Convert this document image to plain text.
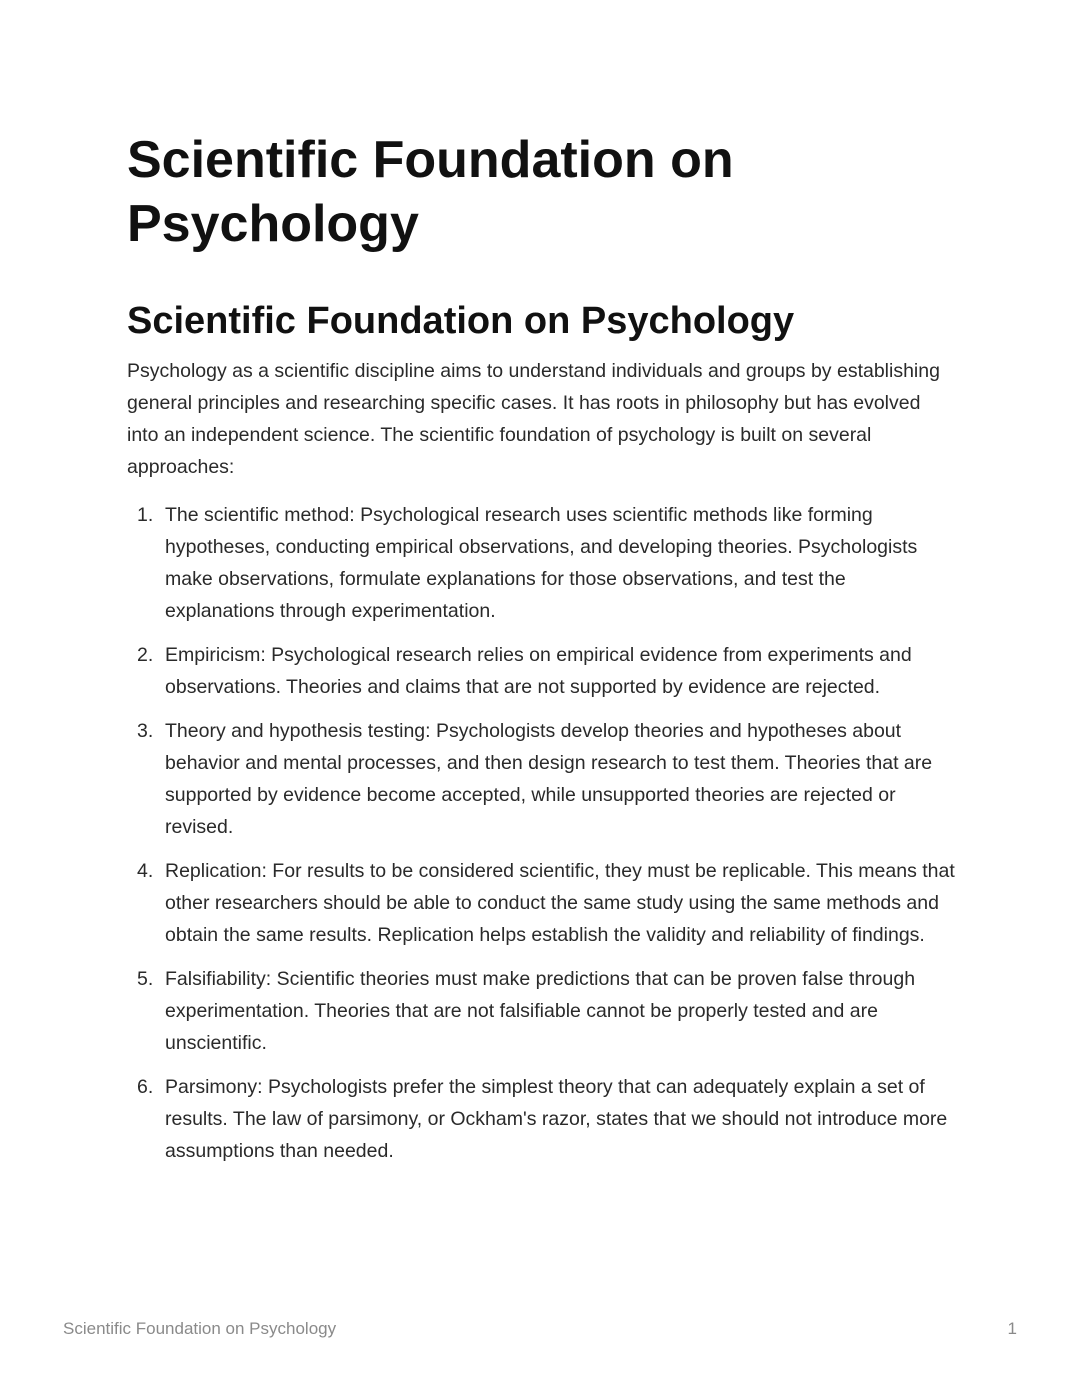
Scientific Foundation on Psychology
Scientific Foundation on Psychology

Psychology as a scientific discipline aims to understand individuals and groups by establishing general principles and researching specific cases. It has roots in philosophy but has evolved into an independent science. The scientific foundation of psychology is built on several approaches:

1. The scientific method: Psychological research uses scientific methods like forming hypotheses, conducting empirical observations, and developing theories. Psychologists make observations, formulate explanations for those observations, and test the explanations through experimentation.
2. Empiricism: Psychological research relies on empirical evidence from experiments and observations. Theories and claims that are not supported by evidence are rejected.
3. Theory and hypothesis testing: Psychologists develop theories and hypotheses about behavior and mental processes, and then design research to test them. Theories that are supported by evidence become accepted, while unsupported theories are rejected or revised.
4. Replication: For results to be considered scientific, they must be replicable. This means that other researchers should be able to conduct the same study using the same methods and obtain the same results. Replication helps establish the validity and reliability of findings.
5. Falsifiability: Scientific theories must make predictions that can be proven false through experimentation. Theories that are not falsifiable cannot be properly tested and are unscientific.
6. Parsimony: Psychologists prefer the simplest theory that can adequately explain a set of results. The law of parsimony, or Ockham's razor, states that we should not introduce more assumptions than needed.
Scientific Foundation on Psychology	1
